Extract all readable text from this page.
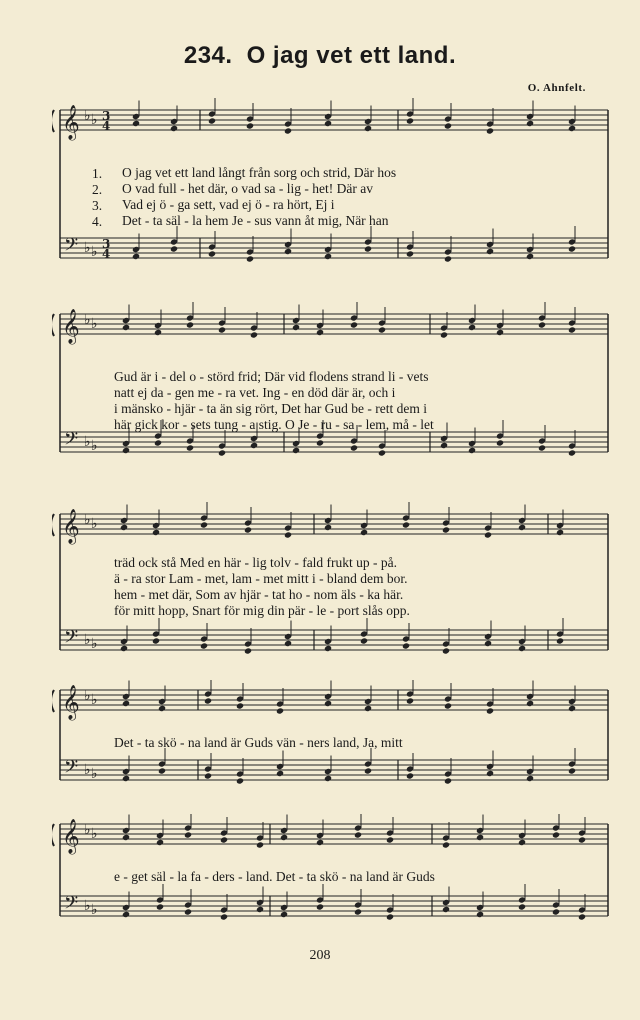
234. O jag vet ett land.
O. Ahnfelt.
𝄞
𝄢
♭ ♭
♭ ♭
3
4
3
4
1.
2.
3.
4.
O jag vet ett land långt från sorg och strid, Där hos
O vad full - het där, o vad sa - lig - het! Där av
Vad ej ö - ga sett, vad ej ö - ra hört, Ej i
Det - ta säl - la hem Je - sus vann åt mig, När han
𝄞
𝄢
♭ ♭
♭ ♭
Gud är i - del o - störd frid; Där vid flodens strand li - vets
natt ej da - gen me - ra vet. Ing - en död där är, och i
i mänsko - hjär - ta än sig rört, Det har Gud be - rett dem i
här gick kor - sets tung - a stig. O Je - ru - sa - lem, må - let
𝄞
𝄢
♭ ♭
♭ ♭
träd ock stå Med en här - lig tolv - fald frukt up - på.
ä - ra stor Lam - met, lam - met mitt i - bland dem bor.
hem - met där, Som av hjär - tat ho - nom äls - ka här.
för mitt hopp, Snart för mig din pär - le - port slås opp.
𝄞
𝄢
♭ ♭
♭ ♭
Det - ta skö - na land är Guds vän - ners land, Ja, mitt
𝄞
𝄢
♭ ♭
♭ ♭
e - get säl - la fa - ders - land. Det - ta skö - na land är Guds
208
